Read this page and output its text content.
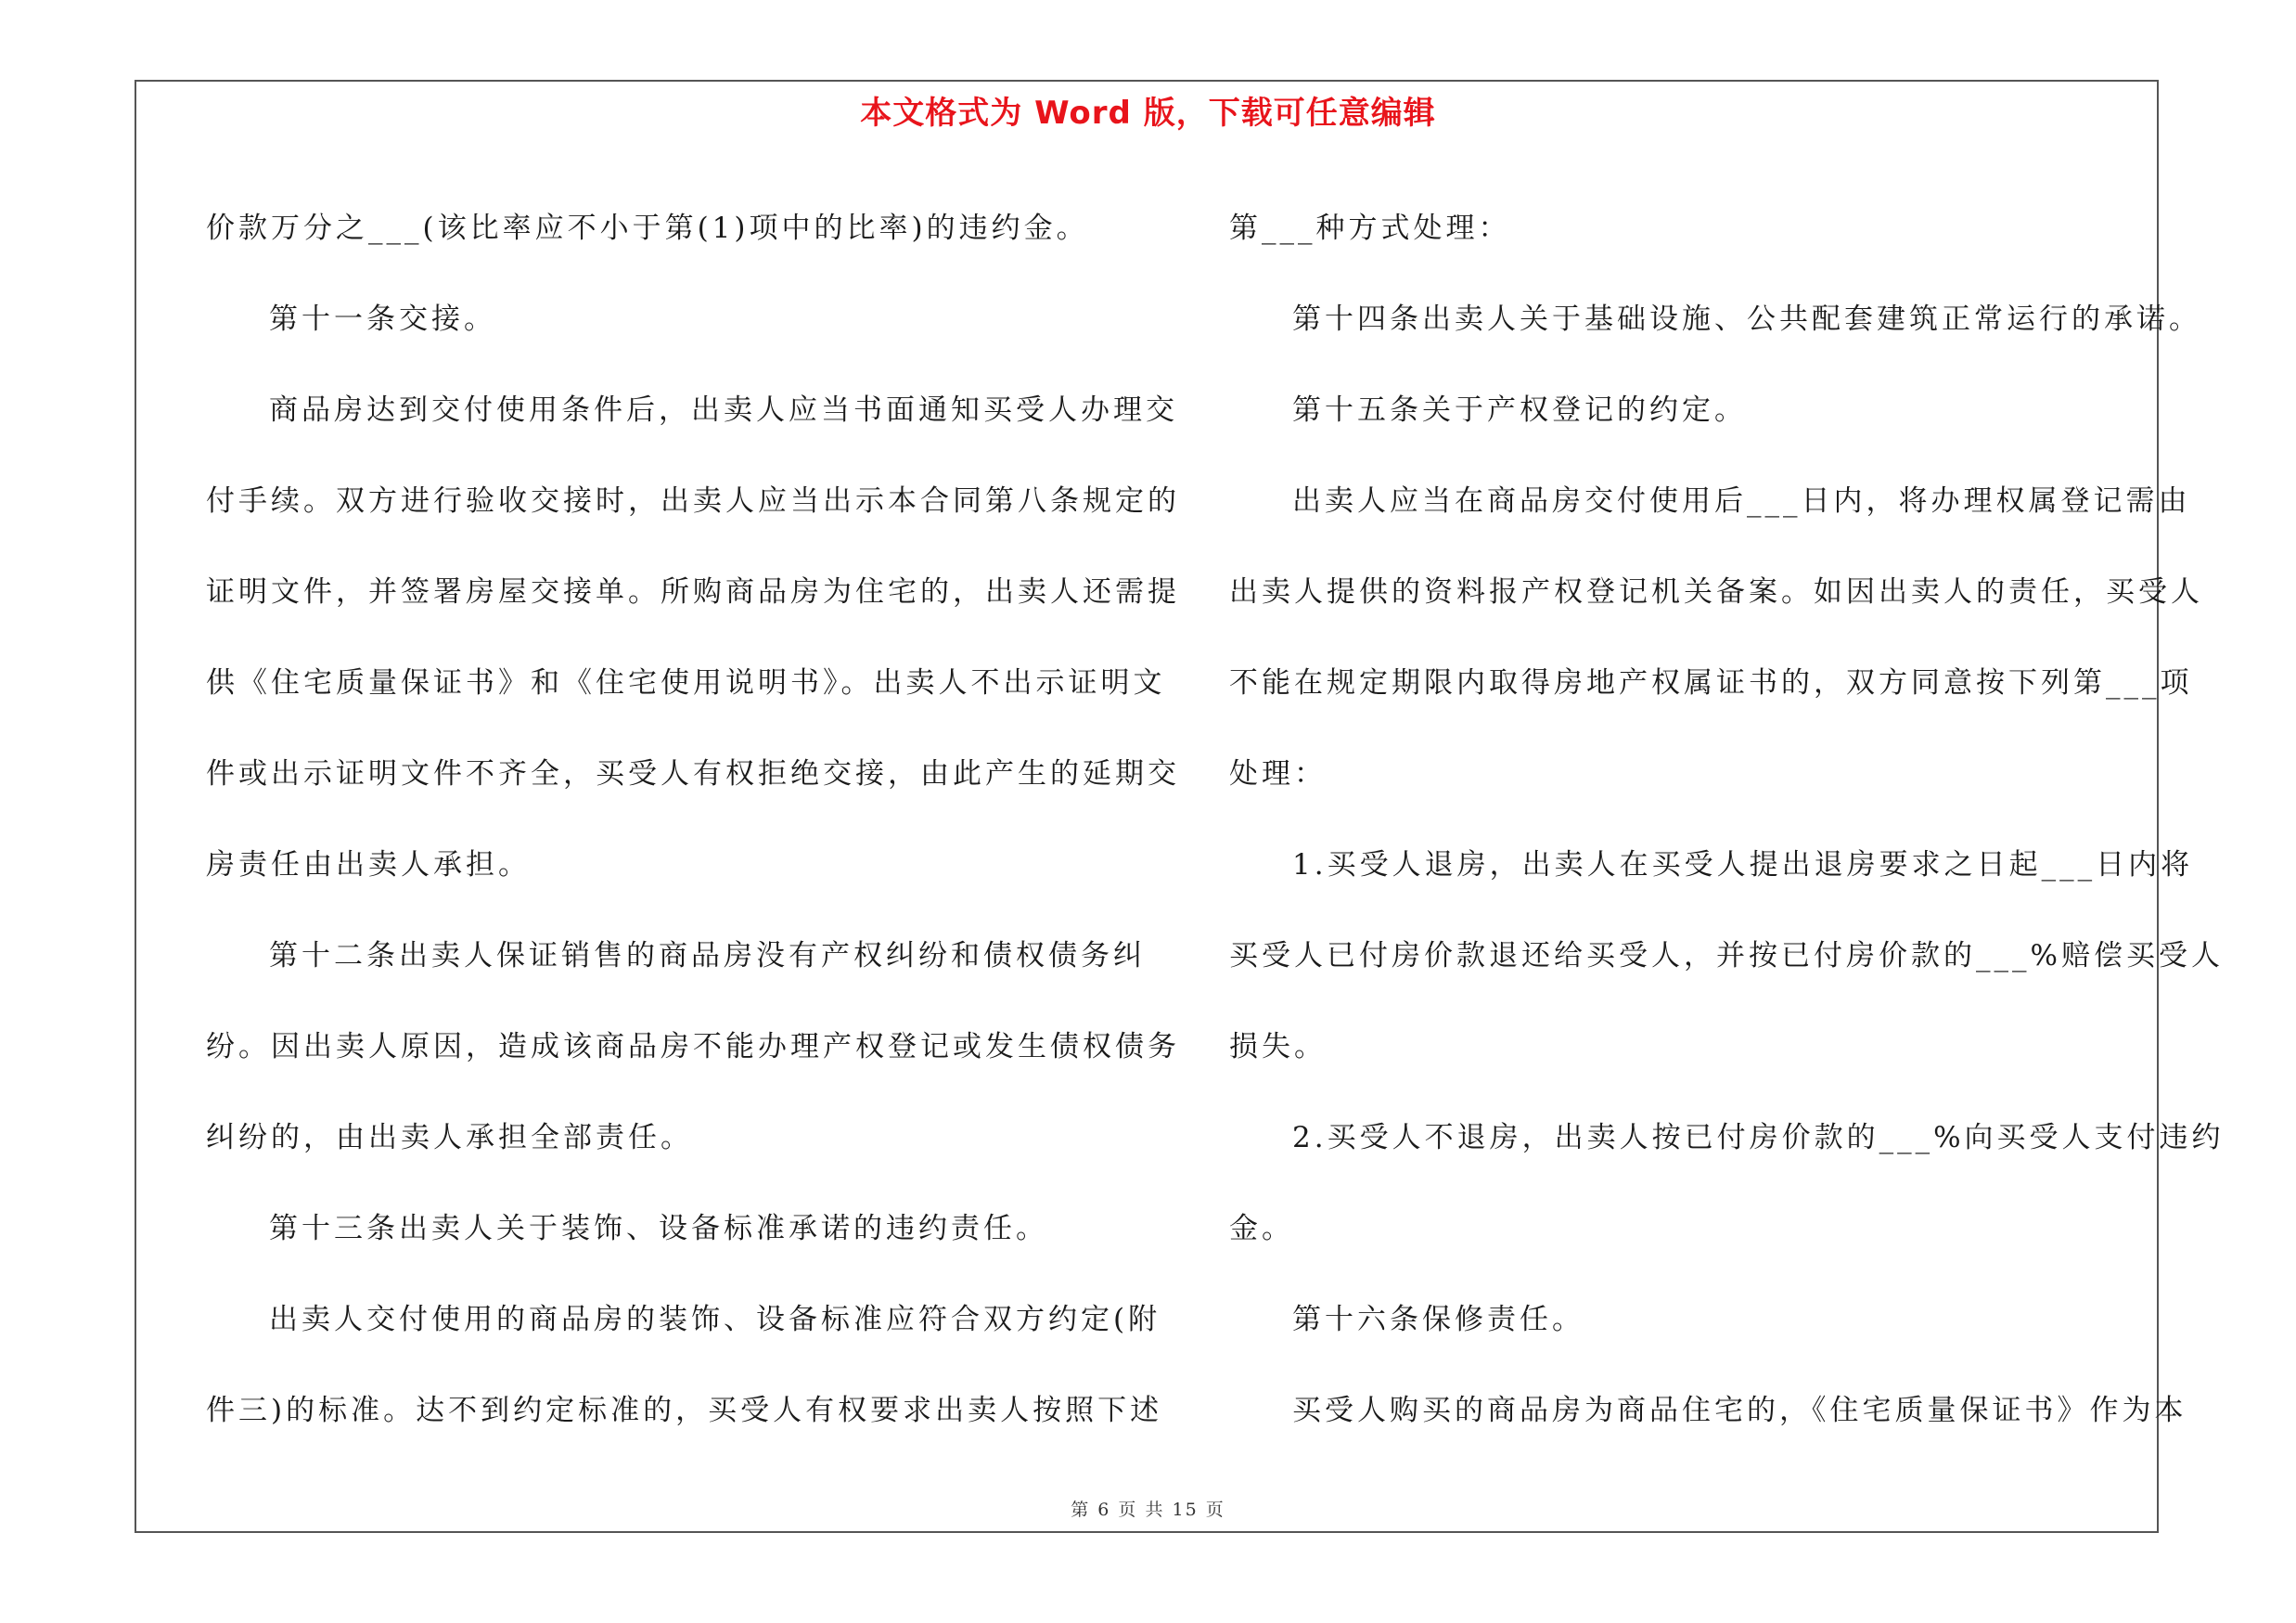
本文格式为 Word 版，下载可任意编辑
价款万分之___(该比率应不小于第(1)项中的比率)的违约金。
第十一条交接。
商品房达到交付使用条件后，出卖人应当书面通知买受人办理交
付手续。双方进行验收交接时，出卖人应当出示本合同第八条规定的
证明文件，并签署房屋交接单。所购商品房为住宅的，出卖人还需提
供《住宅质量保证书》和《住宅使用说明书》。出卖人不出示证明文
件或出示证明文件不齐全，买受人有权拒绝交接，由此产生的延期交
房责任由出卖人承担。
第十二条出卖人保证销售的商品房没有产权纠纷和债权债务纠
纷。因出卖人原因，造成该商品房不能办理产权登记或发生债权债务
纠纷的，由出卖人承担全部责任。
第十三条出卖人关于装饰、设备标准承诺的违约责任。
出卖人交付使用的商品房的装饰、设备标准应符合双方约定(附
件三)的标准。达不到约定标准的，买受人有权要求出卖人按照下述
第___种方式处理：
第十四条出卖人关于基础设施、公共配套建筑正常运行的承诺。
第十五条关于产权登记的约定。
出卖人应当在商品房交付使用后___日内，将办理权属登记需由
出卖人提供的资料报产权登记机关备案。如因出卖人的责任，买受人
不能在规定期限内取得房地产权属证书的，双方同意按下列第___项
处理：
1.买受人退房，出卖人在买受人提出退房要求之日起___日内将
买受人已付房价款退还给买受人，并按已付房价款的___%赔偿买受人
损失。
2.买受人不退房，出卖人按已付房价款的___%向买受人支付违约
金。
第十六条保修责任。
买受人购买的商品房为商品住宅的，《住宅质量保证书》作为本
第 6 页 共 15 页
